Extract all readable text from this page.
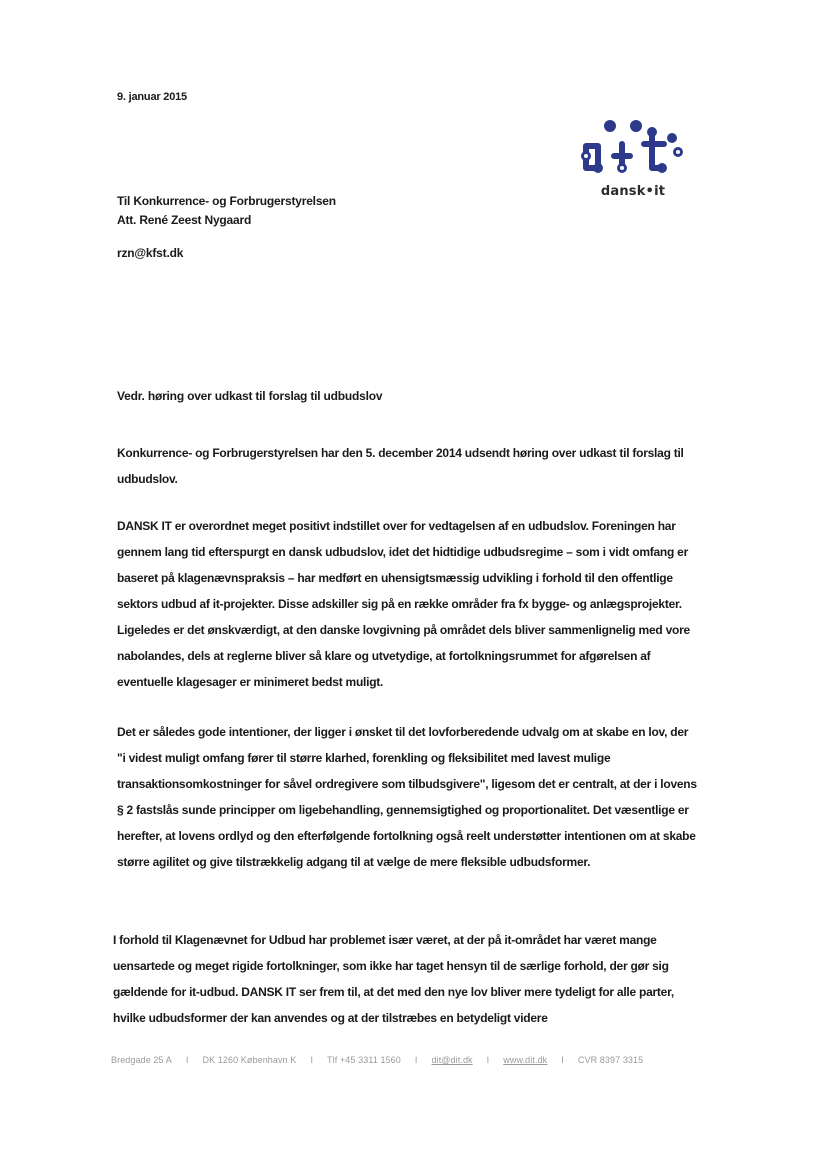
9. januar 2015
dansk•it
Til Konkurrence- og Forbrugerstyrelsen
Att. René Zeest Nygaard
rzn@kfst.dk
Vedr. høring over udkast til forslag til udbudslov

Konkurrence- og Forbrugerstyrelsen har den 5. december 2014 udsendt høring over udkast til forslag til udbudslov.

DANSK IT er overordnet meget positivt indstillet over for vedtagelsen af en udbudslov. Foreningen har gennem lang tid efterspurgt en dansk udbudslov, idet det hidtidige udbudsregime – som i vidt omfang er baseret på klagenævnspraksis – har medført en uhensigtsmæssig udvikling i forhold til den offentlige sektors udbud af it-projekter. Disse adskiller sig på en række områder fra fx bygge- og anlægsprojekter. Ligeledes er det ønskværdigt, at den danske lovgivning på området dels bliver sammenlignelig med vore nabolandes, dels at reglerne bliver så klare og utvetydige, at fortolkningsrummet for afgørelsen af eventuelle klagesager er minimeret bedst muligt.

Det er således gode intentioner, der ligger i ønsket til det lovforberedende udvalg om at skabe en lov, der "i videst muligt omfang fører til større klarhed, forenkling og fleksibilitet med lavest mulige transaktionsomkostninger for såvel ordregivere som tilbudsgivere", ligesom det er centralt, at der i lovens § 2 fastslås sunde principper om ligebehandling, gennemsigtighed og proportionalitet. Det væsentlige er herefter, at lovens ordlyd og den efterfølgende fortolkning også reelt understøtter intentionen om at skabe større agilitet og give tilstrækkelig adgang til at vælge de mere fleksible udbudsformer.

I forhold til Klagenævnet for Udbud har problemet især været, at der på it-området har været mange uensartede og meget rigide fortolkninger, som ikke har taget hensyn til de særlige forhold, der gør sig gældende for it-udbud. DANSK IT ser frem til, at det med den nye lov bliver mere tydeligt for alle parter, hvilke udbudsformer der kan anvendes og at der tilstræbes en betydeligt videre

Bredgade 25 A	I	DK 1260 København K	I	Tlf +45 3311 1560	I	dit@dit.dk	I	www.dit.dk	I	CVR 8397 3315
